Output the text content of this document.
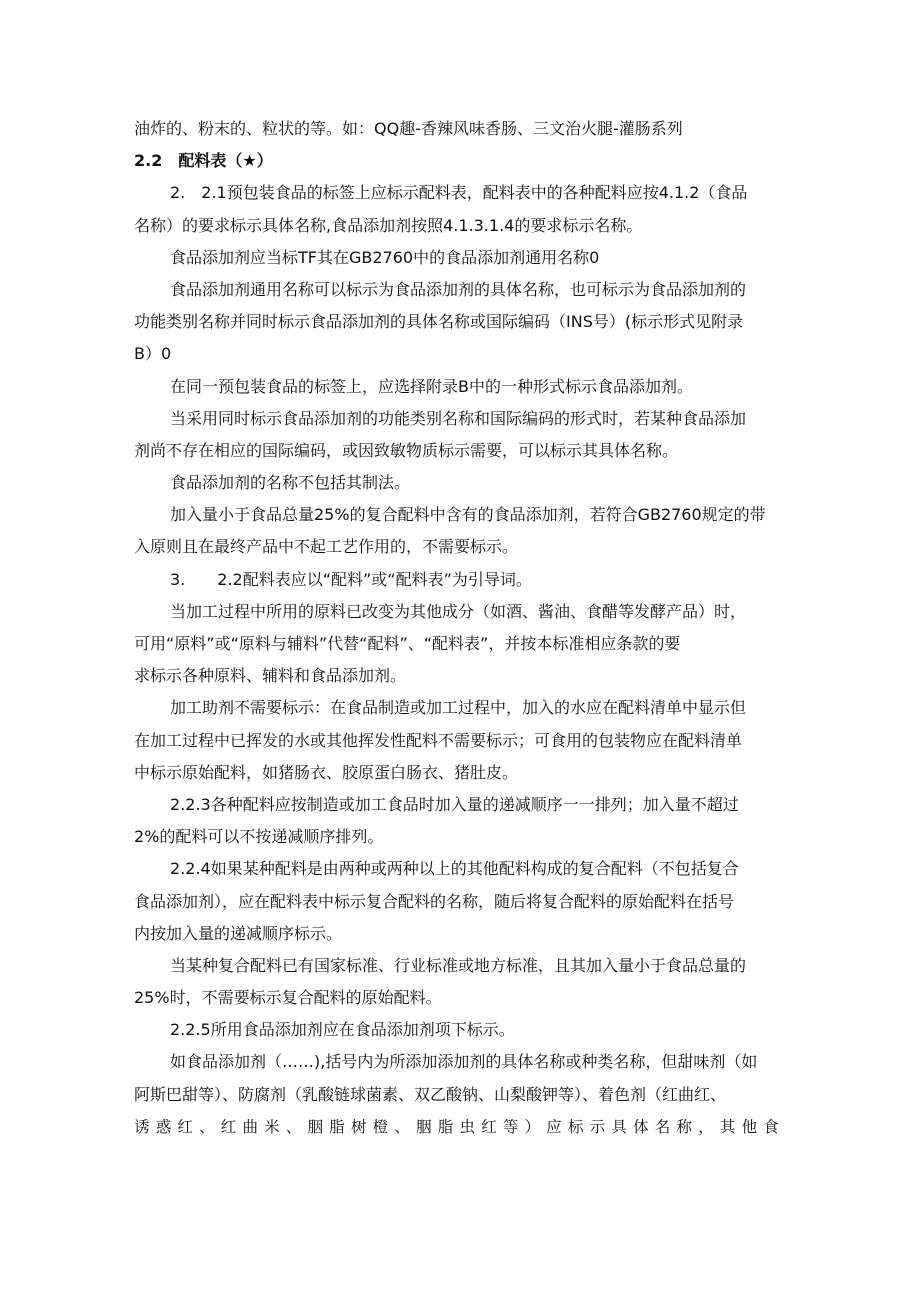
油炸的、粉末的、粒状的等。如：QQ趣-香辣风味香肠、三文治火腿-灌肠系列
2.2　配料表（★）
2.　2.1预包装食品的标签上应标示配料表，配料表中的各种配料应按4.1.2（食品
名称）的要求标示具体名称,食品添加剂按照4.1.3.1.4的要求标示名称。
食品添加剂应当标TF其在GB2760中的食品添加剂通用名称0
食品添加剂通用名称可以标示为食品添加剂的具体名称，也可标示为食品添加剂的
功能类别名称并同时标示食品添加剂的具体名称或国际编码（INS号）(标示形式见附录
B）0
在同一预包装食品的标签上，应选择附录B中的一种形式标示食品添加剂。
当采用同时标示食品添加剂的功能类别名称和国际编码的形式时，若某种食品添加
剂尚不存在相应的国际编码，或因致敏物质标示需要，可以标示其具体名称。
食品添加剂的名称不包括其制法。
加入量小于食品总量25%的复合配料中含有的食品添加剂，若符合GB2760规定的带
入原则且在最终产品中不起工艺作用的，不需要标示。
3.　　2.2配料表应以“配料”或“配料表”为引导词。
当加工过程中所用的原料已改变为其他成分（如酒、酱油、食醋等发酵产品）时，
可用“原料”或“原料与辅料”代替“配料”、“配料表”，并按本标准相应条款的要
求标示各种原料、辅料和食品添加剂。
加工助剂不需要标示：在食品制造或加工过程中，加入的水应在配料清单中显示但
在加工过程中已挥发的水或其他挥发性配料不需要标示；可食用的包装物应在配料清单
中标示原始配料，如猪肠衣、胶原蛋白肠衣、猪肚皮。
2.2.3各种配料应按制造或加工食品时加入量的递减顺序一一排列；加入量不超过
2%的配料可以不按递减顺序排列。
2.2.4如果某种配料是由两种或两种以上的其他配料构成的复合配料（不包括复合
食品添加剂），应在配料表中标示复合配料的名称，随后将复合配料的原始配料在括号
内按加入量的递减顺序标示。
当某种复合配料已有国家标准、行业标准或地方标准，且其加入量小于食品总量的
25%时，不需要标示复合配料的原始配料。
2.2.5所用食品添加剂应在食品添加剂项下标示。
如食品添加剂（……),括号内为所添加添加剂的具体名称或种类名称，但甜味剂（如
阿斯巴甜等）、防腐剂（乳酸链球菌素、双乙酸钠、山梨酸钾等）、着色剂（红曲红、
诱惑红、红曲米、胭脂树橙、胭脂虫红等）应标示具体名称，其他食
